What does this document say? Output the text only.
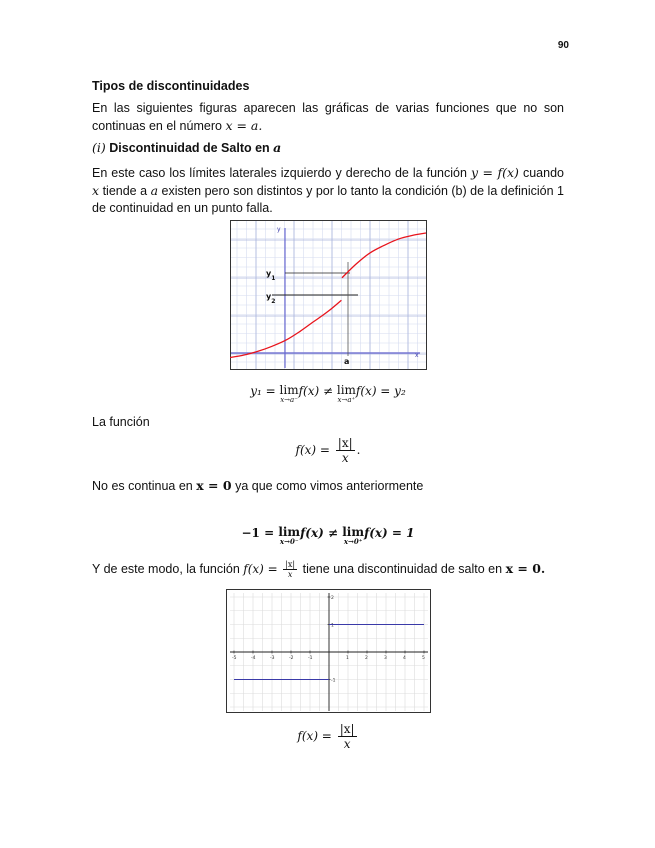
90
Tipos de discontinuidades
En las siguientes figuras aparecen las gráficas de varias funciones que no son continuas en el número x = a.
(i) Discontinuidad de Salto en a
En este caso los límites laterales izquierdo y derecho de la función y = f(x) cuando x tiende a a existen pero son distintos y por lo tanto la condición (b) de la definición 1 de continuidad en un punto falla.
y
x
$y_1$
$y_2$
a
y₁ = lim
x→a⁻
f(x) ≠ lim
x→a⁺
f(x) = y₂
La función
$f(x) = \frac{|x|}{x}$ .
No es continua en x = 0 ya que como vimos anteriormente
−1 = lim
x→0⁻
f(x) ≠ lim
x→0⁺
f(x) = 1
Y de este modo, la función $f(x) = \frac{|x|}{x}$ tiene una discontinuidad de salto en x = 0.
-5	-4	-3	-2	-1	1	2	3	4	5
2
1
-1
$f(x) = \frac{|x|}{x}$
